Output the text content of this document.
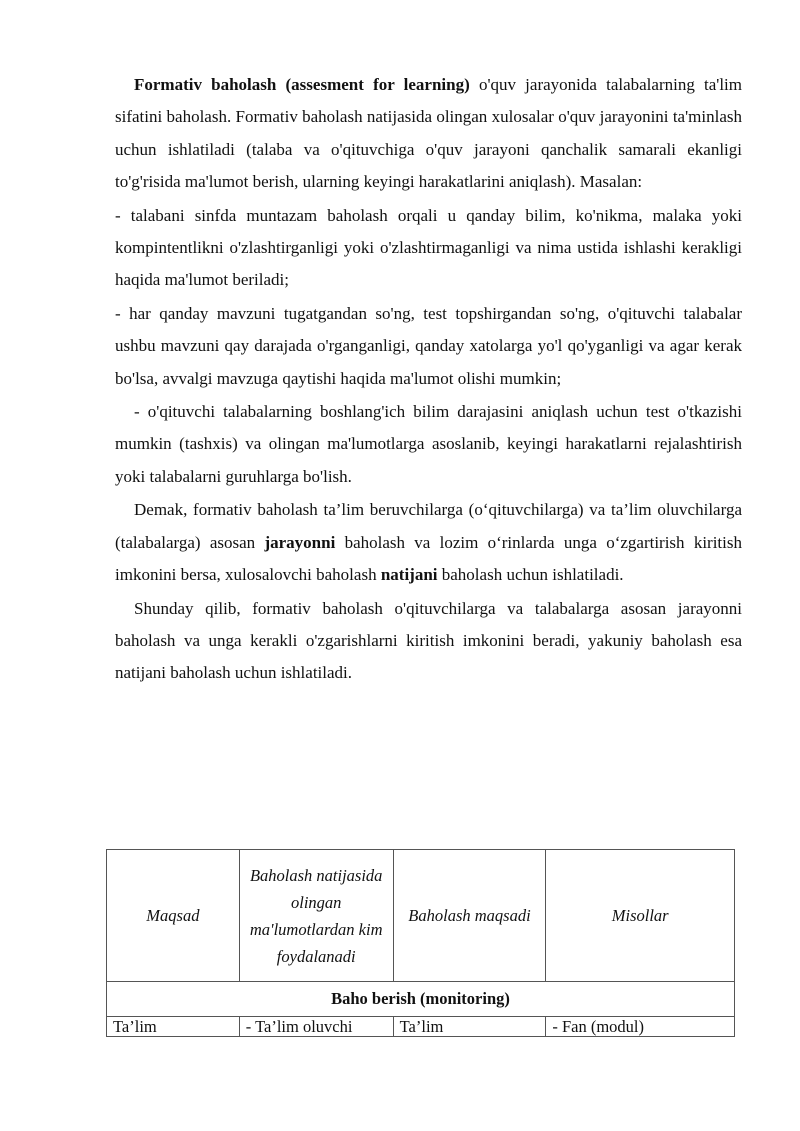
Formativ baholash (assesment for learning) o'quv jarayonida talabalarning ta'lim sifatini baholash. Formativ baholash natijasida olingan xulosalar o'quv jarayonini ta'minlash uchun ishlatiladi (talaba va o'qituvchiga o'quv jarayoni qanchalik samarali ekanligi to'g'risida ma'lumot berish, ularning keyingi harakatlarini aniqlash). Masalan:

- talabani sinfda muntazam baholash orqali u qanday bilim, ko'nikma, malaka yoki kompintentlikni o'zlashtirganligi yoki o'zlashtirmaganligi va nima ustida ishlashi kerakligi haqida ma'lumot beriladi;

- har qanday mavzuni tugatgandan so'ng, test topshirgandan so'ng, o'qituvchi talabalar ushbu mavzuni qay darajada o'rganganligi, qanday xatolarga yo'l qo'yganligi va agar kerak bo'lsa, avvalgi mavzuga qaytishi haqida ma'lumot olishi mumkin;

- o'qituvchi talabalarning boshlang'ich bilim darajasini aniqlash uchun test o'tkazishi mumkin (tashxis) va olingan ma'lumotlarga asoslanib, keyingi harakatlarni rejalashtirish yoki talabalarni guruhlarga bo'lish.

Demak, formativ baholash ta’lim beruvchilarga (o‘qituvchilarga) va ta’lim oluvchilarga (talabalarga) asosan jarayonni baholash va lozim o‘rinlarda unga o‘zgartirish kiritish imkonini bersa, xulosalovchi baholash natijani baholash uchun ishlatiladi.

Shunday qilib, formativ baholash o'qituvchilarga va talabalarga asosan jarayonni baholash va unga kerakli o'zgarishlarni kiritish imkonini beradi, yakuniy baholash esa natijani baholash uchun ishlatiladi.

Maqsad	Baholash natijasida olingan ma'lumotlardan kim foydalanadi	Baholash maqsadi	Misollar
Baho berish (monitoring)			
Ta’lim	- Ta’lim oluvchi	Ta’lim	- Fan (modul)
